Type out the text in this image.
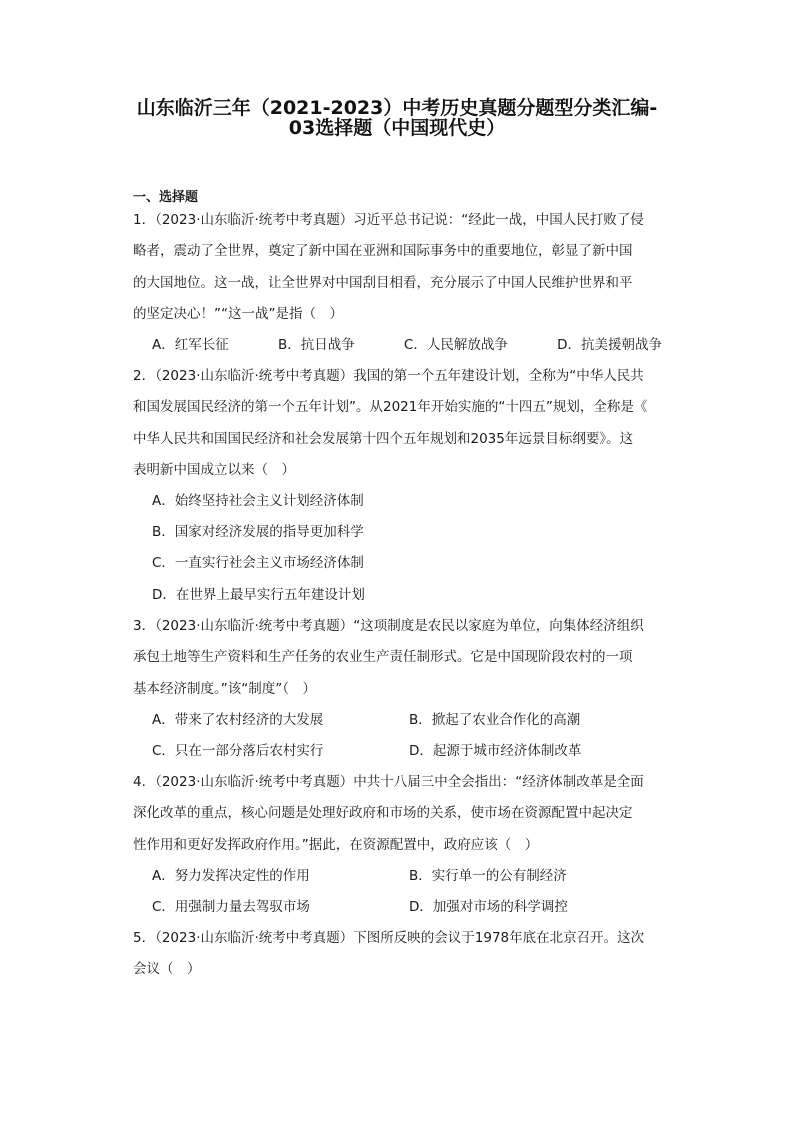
山东临沂三年（2021-2023）中考历史真题分题型分类汇编-
03选择题（中国现代史）
一、选择题

1．（2023·山东临沂·统考中考真题）习近平总书记说：“经此一战，中国人民打败了侵

略者，震动了全世界，奠定了新中国在亚洲和国际事务中的重要地位，彰显了新中国

的大国地位。这一战，让全世界对中国刮目相看，充分展示了中国人民维护世界和平

的坚定决心！”“这一战”是指（　）

A．红军长征	B．抗日战争	C．人民解放战争	D．抗美援朝战争

2．（2023·山东临沂·统考中考真题）我国的第一个五年建设计划，全称为“中华人民共

和国发展国民经济的第一个五年计划”。从2021年开始实施的“十四五”规划，全称是《

中华人民共和国国民经济和社会发展第十四个五年规划和2035年远景目标纲要》。这

表明新中国成立以来（　）

A．始终坚持社会主义计划经济体制
B．国家对经济发展的指导更加科学
C．一直实行社会主义市场经济体制
D．在世界上最早实行五年建设计划

3．（2023·山东临沂·统考中考真题）“这项制度是农民以家庭为单位，向集体经济组织

承包土地等生产资料和生产任务的农业生产责任制形式。它是中国现阶段农村的一项

基本经济制度。”该“制度”（　）

A．带来了农村经济的大发展	B．掀起了农业合作化的高潮
C．只在一部分落后农村实行	D．起源于城市经济体制改革

4．（2023·山东临沂·统考中考真题）中共十八届三中全会指出：“经济体制改革是全面

深化改革的重点，核心问题是处理好政府和市场的关系，使市场在资源配置中起决定

性作用和更好发挥政府作用。”据此，在资源配置中，政府应该（　）

A．努力发挥决定性的作用	B．实行单一的公有制经济
C．用强制力量去驾驭市场	D．加强对市场的科学调控

5．（2023·山东临沂·统考中考真题）下图所反映的会议于1978年底在北京召开。这次

会议（　）
